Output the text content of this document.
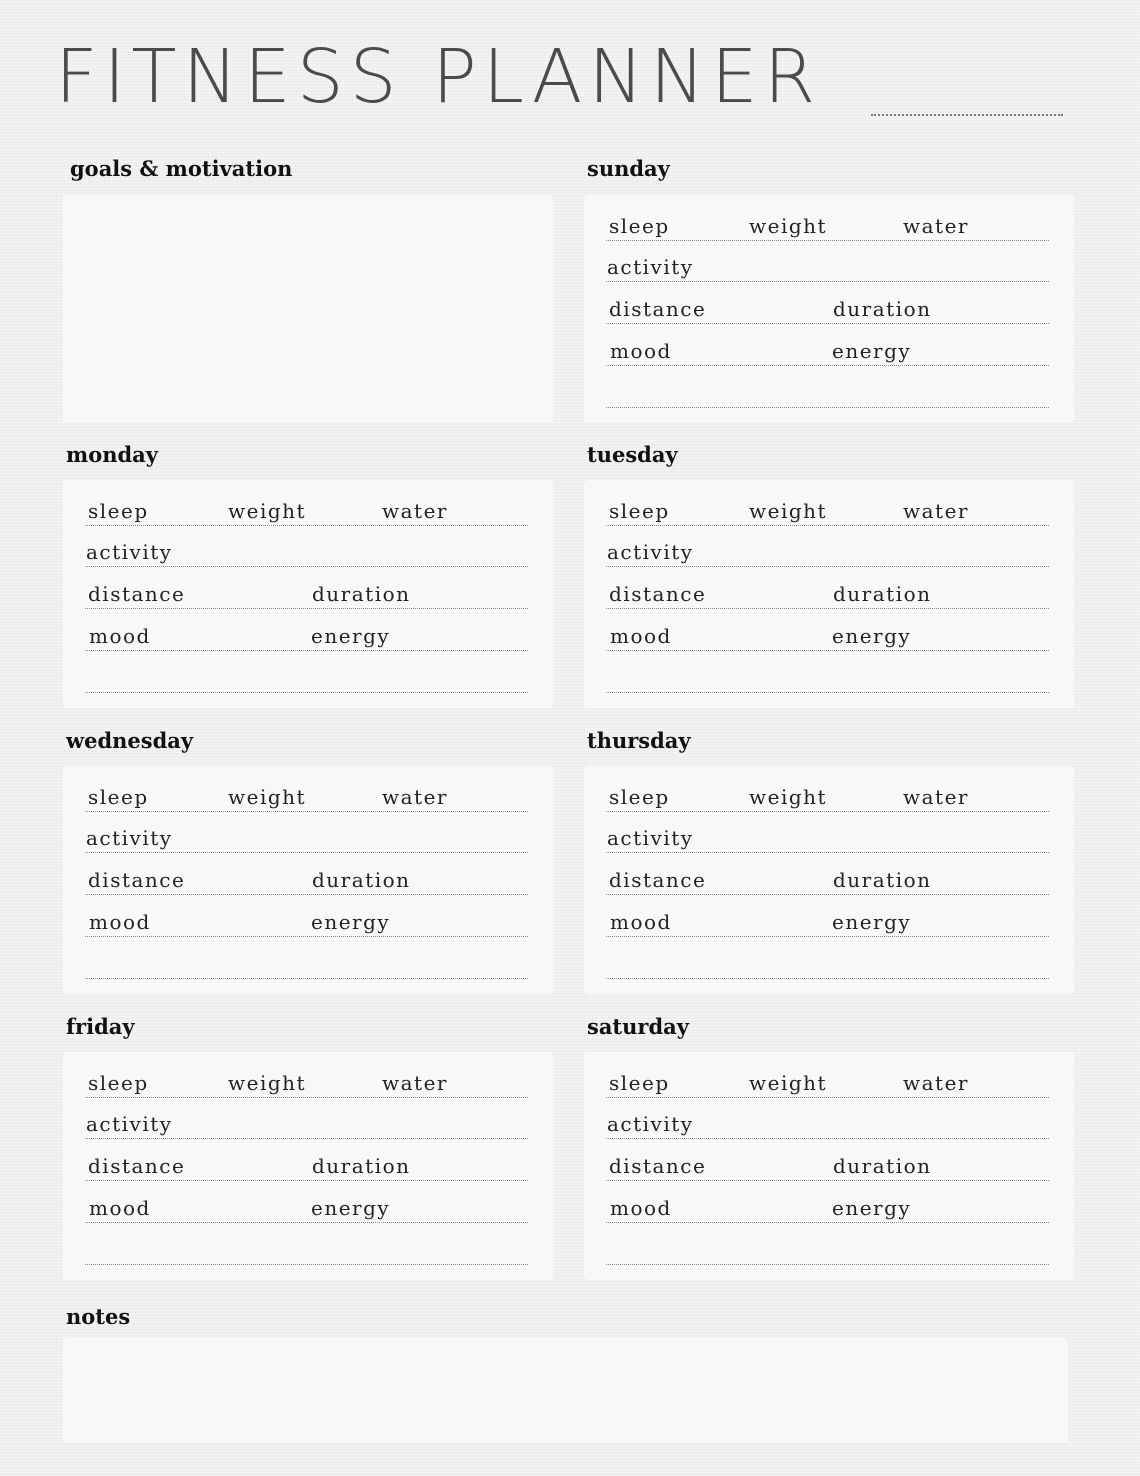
FITNESS PLANNER
goals & motivation
notes
sunday
sleep	weight	water
activity
distance	duration
mood	energy
monday
sleep	weight	water
activity
distance	duration
mood	energy
tuesday
sleep	weight	water
activity
distance	duration
mood	energy
wednesday
sleep	weight	water
activity
distance	duration
mood	energy
thursday
sleep	weight	water
activity
distance	duration
mood	energy
friday
sleep	weight	water
activity
distance	duration
mood	energy
saturday
sleep	weight	water
activity
distance	duration
mood	energy
